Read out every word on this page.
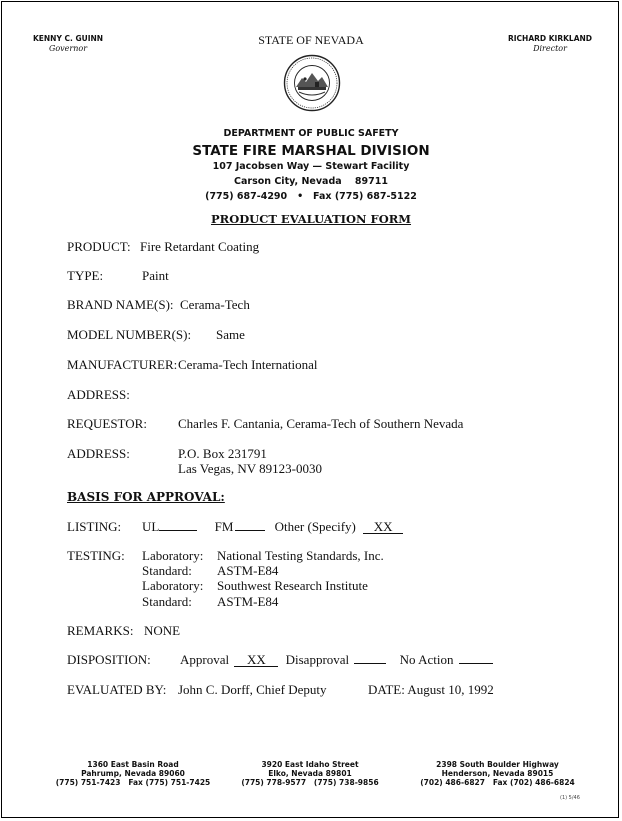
KENNY C. GUINN
Governor
STATE OF NEVADA	RICHARD KIRKLAND
Director
DEPARTMENT OF PUBLIC SAFETY
STATE FIRE MARSHAL DIVISION
107 Jacobsen Way — Stewart Facility
Carson City, Nevada    89711
(775) 687-4290   •   Fax (775) 687-5122
PRODUCT EVALUATION FORM
PRODUCT: Fire Retardant Coating
TYPE:	Paint
BRAND NAME(S): Cerama-Tech
MODEL NUMBER(S): Same
MANUFACTURER: Cerama-Tech International
ADDRESS:
REQUESTOR: Charles F. Cantania, Cerama-Tech of Southern Nevada
ADDRESS:	P.O. Box 231791
Las Vegas, NV 89123-0030
BASIS FOR APPROVAL:
LISTING: UL	FM	Other (Specify) XX
TESTING: Laboratory: National Testing Standards, Inc.
Standard: ASTM-E84
Laboratory: Southwest Research Institute
Standard: ASTM-E84
REMARKS: NONE
DISPOSITION: Approval XX Disapproval	No Action
EVALUATED BY: John C. Dorff, Chief Deputy	DATE: August 10, 1992
1360 East Basin Road
Pahrump, Nevada 89060
(775) 751-7423   Fax (775) 751-7425
3920 East Idaho Street
Elko, Nevada 89801
(775) 778-9577   (775) 738-9856
2398 South Boulder Highway
Henderson, Nevada 89015
(702) 486-6827   Fax (702) 486-6824
(1) 5/46
